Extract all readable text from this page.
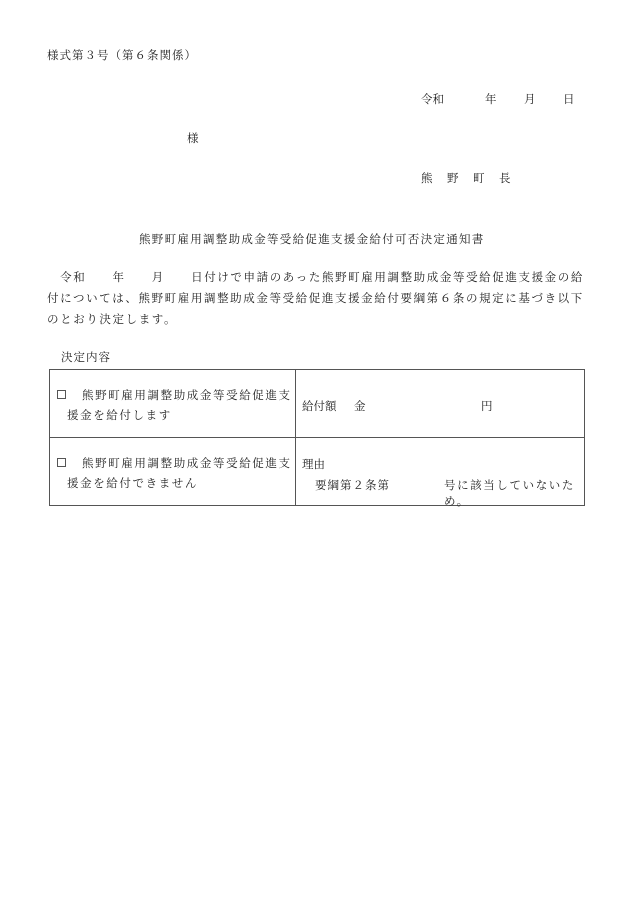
様式第３号（第６条関係）
令和	年 月 日
様
熊 野 町 長
熊野町雇用調整助成金等受給促進支援金給付可否決定通知書
　令和　　年　　月　　日付けで申請のあった熊野町雇用調整助成金等受給促進支援金の給
付については、熊野町雇用調整助成金等受給促進支援金給付要綱第６条の規定に基づき以下
のとおり決定します。
決定内容
熊野町雇用調整助成金等受給促進支
援金を給付します
給付額 金	円
熊野町雇用調整助成金等受給促進支
援金を給付できません
理由
要綱第２条第	号に該当していないため。
